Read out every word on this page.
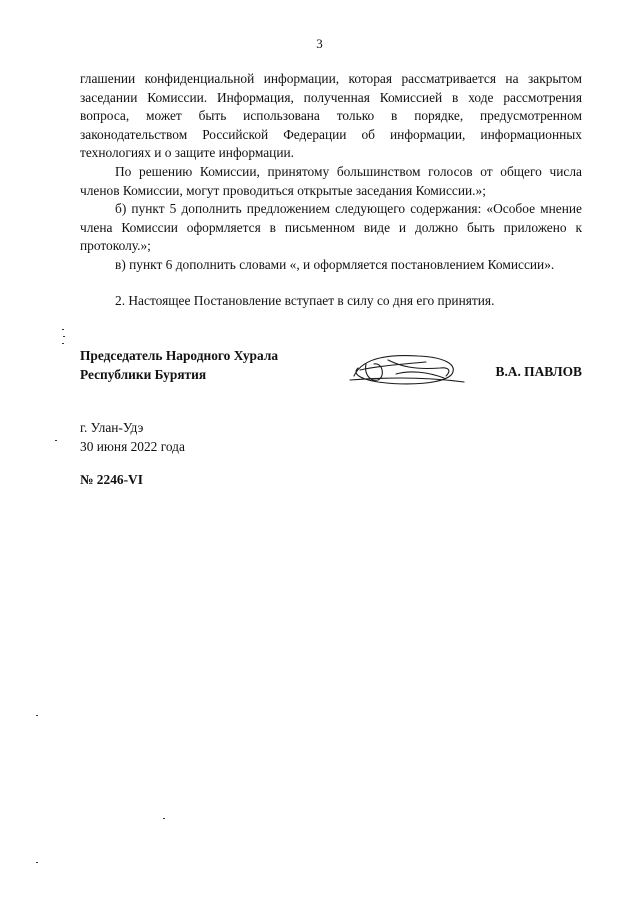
3

глашении конфиденциальной информации, которая рассматривается на закрытом заседании Комиссии. Информация, полученная Комиссией в ходе рассмотрения вопроса, может быть использована только в порядке, предусмотренном законодательством Российской Федерации об информации, информационных технологиях и о защите информации.

По решению Комиссии, принятому большинством голосов от общего числа членов Комиссии, могут проводиться открытые заседания Комиссии.»;

б) пункт 5 дополнить предложением следующего содержания: «Особое мнение члена Комиссии оформляется в письменном виде и должно быть приложено к протоколу.»;

в) пункт 6 дополнить словами «, и оформляется постановлением Комиссии».

2. Настоящее Постановление вступает в силу со дня его принятия.

Председатель Народного Хурала
Республики Бурятия	В.А. ПАВЛОВ
г. Улан-Удэ
30 июня 2022 года
№ 2246-VI
